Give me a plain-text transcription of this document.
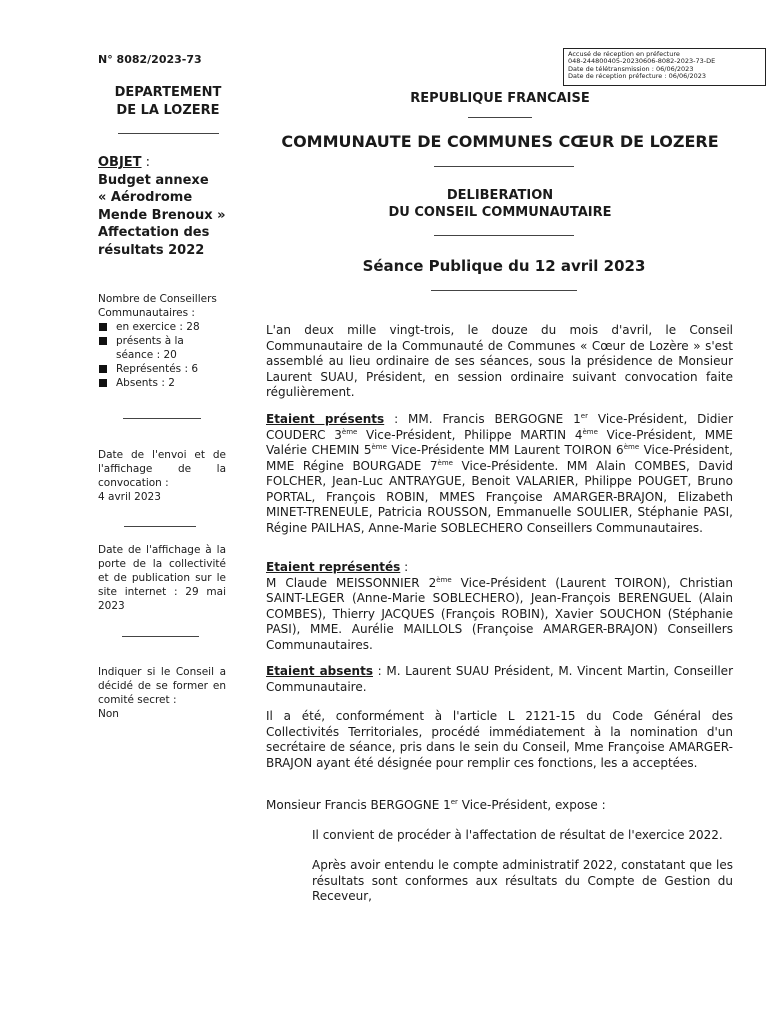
N° 8082/2023-73	Accusé de réception en préfecture
048-244800405-20230606-8082-2023-73-DE
Date de télétransmission : 06/06/2023
Date de réception préfecture : 06/06/2023
DEPARTEMENT
DE LA LOZERE
REPUBLIQUE FRANCAISE
COMMUNAUTE DE COMMUNES CŒUR DE LOZERE
DELIBERATION
DU CONSEIL COMMUNAUTAIRE
Séance Publique du 12 avril 2023
OBJET :
Budget annexe
« Aérodrome
Mende Brenoux »
Affectation des
résultats 2022
Nombre de Conseillers
Communautaires :
en exercice : 28
présents à la séance : 20
Représentés : 6
Absents : 2
Date de l'envoi et de l'affichage de la convocation :
4 avril 2023
Date de l'affichage à la porte de la collectivité et de publication sur le site internet : 29 mai 2023
Indiquer si le Conseil a décidé de se former en comité secret :
Non
L'an deux mille vingt-trois, le douze du mois d'avril, le Conseil Communautaire de la Communauté de Communes « Cœur de Lozère » s'est assemblé au lieu ordinaire de ses séances, sous la présidence de Monsieur Laurent SUAU, Président, en session ordinaire suivant convocation faite régulièrement.
Etaient présents : MM. Francis BERGOGNE 1er Vice-Président, Didier COUDERC 3ème Vice-Président, Philippe MARTIN 4ème Vice-Président, MME Valérie CHEMIN 5ème Vice-Présidente MM Laurent TOIRON 6ème Vice-Président, MME Régine BOURGADE 7ème Vice-Présidente. MM Alain COMBES, David FOLCHER, Jean-Luc ANTRAYGUE, Benoit VALARIER, Philippe POUGET, Bruno PORTAL, François ROBIN, MMES Françoise AMARGER-BRAJON, Elizabeth MINET-TRENEULE, Patricia ROUSSON, Emmanuelle SOULIER, Stéphanie PASI, Régine PAILHAS, Anne-Marie SOBLECHERO Conseillers Communautaires.
Etaient représentés :
M Claude MEISSONNIER 2ème Vice-Président (Laurent TOIRON), Christian SAINT-LEGER (Anne-Marie SOBLECHERO), Jean-François BERENGUEL (Alain COMBES), Thierry JACQUES (François ROBIN), Xavier SOUCHON (Stéphanie PASI), MME. Aurélie MAILLOLS (Françoise AMARGER-BRAJON) Conseillers Communautaires.
Etaient absents : M. Laurent SUAU Président, M. Vincent Martin, Conseiller Communautaire.
Il a été, conformément à l'article L 2121-15 du Code Général des Collectivités Territoriales, procédé immédiatement à la nomination d'un secrétaire de séance, pris dans le sein du Conseil, Mme Françoise AMARGER-BRAJON ayant été désignée pour remplir ces fonctions, les a acceptées.
Monsieur Francis BERGOGNE 1er Vice-Président, expose :
Il convient de procéder à l'affectation de résultat de l'exercice 2022.
Après avoir entendu le compte administratif 2022, constatant que les résultats sont conformes aux résultats du Compte de Gestion du Receveur,
